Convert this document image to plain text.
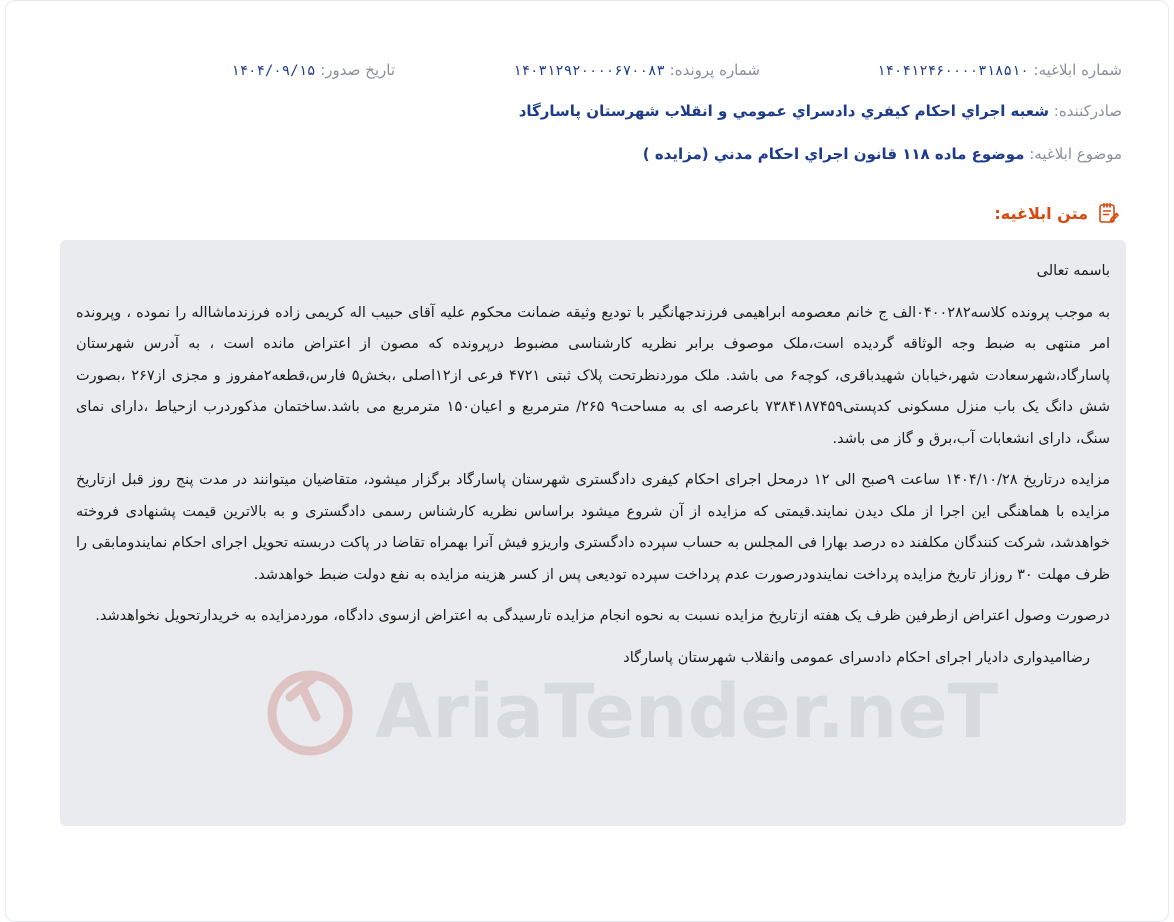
شماره ابلاغیه: ۱۴۰۴۱۲۴۶۰۰۰۰۳۱۸۵۱۰
شماره پرونده: ۱۴۰۳۱۲۹۲۰۰۰۰۶۷۰۰۸۳
تاریخ صدور: ۱۴۰۴/۰۹/۱۵
صادرکننده: شعبه اجراي احکام کيفري دادسراي عمومي و انقلاب شهرستان پاسارگاد
موضوع ابلاغیه: موضوع ماده ۱۱۸ قانون اجراي احکام مدني (مزايده )
متن ابلاغیه:
AriaTender.neT

باسمه تعالی

به موجب پرونده کلاسه۰۴۰۰۲۸۲الف ج خانم معصومه ابراهیمی فرزندجهانگیر با توديع وثيقه ضمانت محکوم علیه آقای حبیب اله کریمی زاده فرزندماشااله را نموده ، وپرونده امر منتهی به ضبط وجه الوثاقه گردیده است،ملک موصوف برابر نظریه کارشناسی مضبوط درپرونده که مصون از اعتراض مانده است ، به آدرس شهرستان پاسارگاد،شهرسعادت شهر،خیابان شهیدباقری، کوچه۶ می باشد. ملک موردنظرتحت پلاک ثبتی ۴۷۲۱ فرعی از۱۲اصلی ،بخش۵ فارس،قطعه۲مفروز و مجزی از۲۶۷ ،بصورت شش دانگ یک باب منزل مسکونی کدپستی۷۳۸۴۱۸۷۴۵۹ باعرصه ای به مساحت۹ ۲۶۵/ مترمربع و اعیان۱۵۰ مترمربع می باشد.ساختمان مذکوردرب ازحیاط ،دارای نمای سنگ، دارای انشعابات آب،برق و گاز می باشد.

مزایده درتاریخ ۱۴۰۴/۱۰/۲۸ ساعت ۹صبح الی ۱۲ درمحل اجرای احکام کیفری دادگستری شهرستان پاسارگاد برگزار میشود، متقاضیان میتوانند در مدت پنج روز قبل ازتاریخ مزایده با هماهنگی این اجرا از ملک دیدن نمایند.قیمتی که مزایده از آن شروع میشود براساس نظریه کارشناس رسمی دادگستری و به بالاترین قیمت پشنهادی فروخته خواهدشد، شرکت کنندگان مکلفند ده درصد بهارا فی المجلس به حساب سپرده دادگستری واریزو فیش آنرا بهمراه تقاضا در پاکت دربسته تحویل اجرای احکام نمایندومابقی را ظرف مهلت ۳۰ روزاز تاریخ مزایده پرداخت نمایندودرصورت عدم پرداخت سپرده تودیعی پس از کسر هزینه مزایده به نفع دولت ضبط خواهدشد.

درصورت وصول اعتراض ازطرفین ظرف یک هفته ازتاریخ مزایده نسبت به نحوه انجام مزایده تارسیدگی به اعتراض ازسوی دادگاه، موردمزایده به خریدارتحویل نخواهدشد.

رضاامیدواری دادیار اجرای احکام دادسرای عمومی وانقلاب شهرستان پاسارگاد
